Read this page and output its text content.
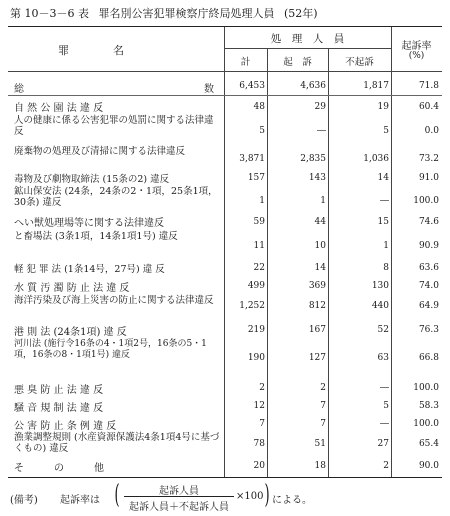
第 10－3－6 表 罪名別公害犯罪検察庁終局処理人員 (52年)
罪　　　　名
処　理　人　員
計	起　訴	不起訴
起訴率
(%)
総	数	6,453	4,636	1,817	71.8
自 然 公 園 法 違 反	48	29	19	60.4
人の健康に係る公害犯罪の処罰に関する法律違反	5	―	5	0.0
廃棄物の処理及び清掃に関する法律違反
3,871	2,835	1,036	73.2
毒物及び劇物取締法 (15条の2) 違反	157	143	14	91.0
鉱山保安法 (24条，24条の2・1項，25条1項，30条) 違反	1	1	―	100.0
へい獣処理場等に関する法律違反	59	44	15	74.6
と畜場法 (3条1項，14条1項1号) 違反
11	10	1	90.9
軽 犯 罪 法 (1条14号，27号) 違 反	22	14	8	63.6
水 質 汚 濁 防 止 法 違 反	499	369	130	74.0
海洋汚染及び海上災害の防止に関する法律違反	1,252	812	440	64.9
港 則 法 (24条1項) 違 反	219	167	52	76.3
河川法 (施行令16条の4・1項2号，16条の5・1項，16条の8・1項1号) 違反	190	127	63	66.8
悪 臭 防 止 法 違 反	2	2	―	100.0
騒 音 規 制 法 違 反	12	7	5	58.3
公 害 防 止 条 例 違 反	7	7	―	100.0
漁業調整規則 (水産資源保護法4条1項4号に基づくもの) 違反	78	51	27	65.4
そ　　　の　　　他	20	18	2	90.0
(備考) 起訴率は (	起訴人員
起訴人員＋不起訴人員
×100 ) による。
